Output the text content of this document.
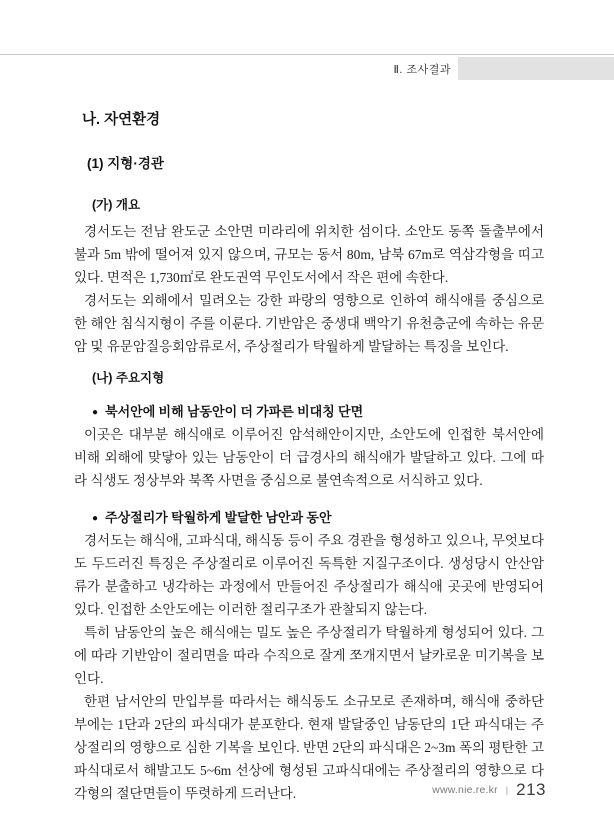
Ⅱ. 조사결과
나. 자연환경
(1) 지형·경관
(가) 개요

경서도는 전남 완도군 소안면 미라리에 위치한 섬이다. 소안도 동쪽 돌출부에서 불과 5m 밖에 떨어져 있지 않으며, 규모는 동서 80m, 남북 67m로 역삼각형을 띠고 있다. 면적은 1,730㎡로 완도권역 무인도서에서 작은 편에 속한다.

경서도는 외해에서 밀려오는 강한 파랑의 영향으로 인하여 해식애를 중심으로 한 해안 침식지형이 주를 이룬다. 기반암은 중생대 백악기 유천층군에 속하는 유문암 및 유문암질응회암류로서, 주상절리가 탁월하게 발달하는 특징을 보인다.

(나) 주요지형
● 북서안에 비해 남동안이 더 가파른 비대칭 단면

이곳은 대부분 해식애로 이루어진 암석해안이지만, 소안도에 인접한 북서안에 비해 외해에 맞닿아 있는 남동안이 더 급경사의 해식애가 발달하고 있다. 그에 따라 식생도 정상부와 북쪽 사면을 중심으로 불연속적으로 서식하고 있다.

● 주상절리가 탁월하게 발달한 남안과 동안

경서도는 해식애, 고파식대, 해식동 등이 주요 경관을 형성하고 있으나, 무엇보다도 두드러진 특징은 주상절리로 이루어진 독특한 지질구조이다. 생성당시 안산암류가 분출하고 냉각하는 과정에서 만들어진 주상절리가 해식애 곳곳에 반영되어 있다. 인접한 소안도에는 이러한 절리구조가 관찰되지 않는다.

특히 남동안의 높은 해식애는 밀도 높은 주상절리가 탁월하게 형성되어 있다. 그에 따라 기반암이 절리면을 따라 수직으로 잘게 쪼개지면서 날카로운 미기복을 보인다.

한편 남서안의 만입부를 따라서는 해식동도 소규모로 존재하며, 해식애 중하단부에는 1단과 2단의 파식대가 분포한다. 현재 발달중인 남동단의 1단 파식대는 주상절리의 영향으로 심한 기복을 보인다. 반면 2단의 파식대은 2~3m 폭의 평탄한 고파식대로서 해발고도 5~6m 선상에 형성된 고파식대에는 주상절리의 영향으로 다각형의 절단면들이 뚜렷하게 드러난다.	www.nie.re.kr | 213
